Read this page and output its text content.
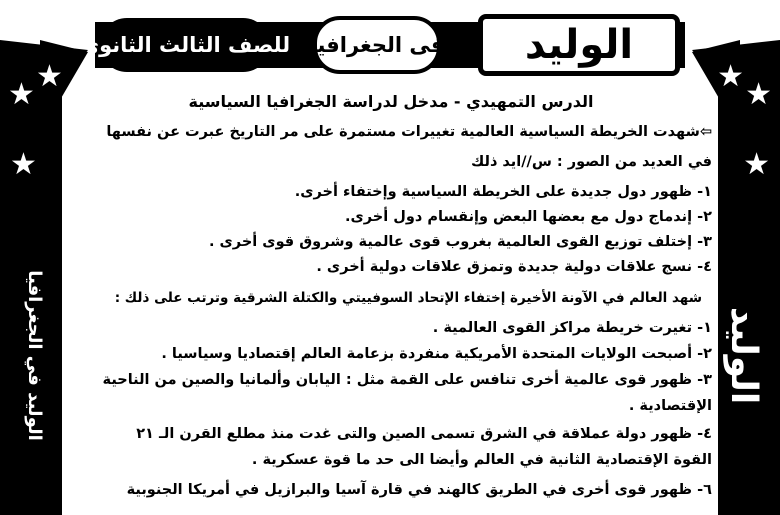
للصف الثالث الثانوى فى الجغرافيا الوليد
★
★
★
★
★
★
الوليد في الجغرافيا	الوليد
الدرس التمهيدي - مدخل لدراسة الجغرافيا السياسية
⇦شهدت الخريطة السياسية العالمية تغييرات مستمرة على مر التاريخ عبرت عن نفسها
في العديد من الصور : س//ايد ذلك
١- ظهور دول جديدة على الخريطة السياسية وإختفاء أخرى.
٢- إندماج دول مع بعضها البعض وإنقسام دول أخرى.
٣- إختلف توزيع القوى العالمية بغروب قوى عالمية وشروق قوى أخرى .
٤- نسج علاقات دولية جديدة وتمزق علاقات دولية أخرى .
شهد العالم في الآونة الأخيرة إختفاء الإتحاد السوفييتي والكتلة الشرقية وترتب على ذلك :
١- تغيرت خريطة مراكز القوى العالمية .
٢- أصبحت الولايات المتحدة الأمريكية منفردة بزعامة العالم إقتصاديا وسياسيا .
٣- ظهور قوى عالمية أخرى تنافس على القمة مثل : اليابان وألمانيا والصين من الناحية
الإقتصادية .
٤- ظهور دولة عملاقة في الشرق تسمى الصين والتى غدت منذ مطلع القرن الـ ٢١
القوة الإقتصادية الثانية في العالم وأيضا الى حد ما قوة عسكرية .
٦- ظهور قوى أخرى في الطريق كالهند في قارة آسيا والبرازيل في أمريكا الجنوبية
